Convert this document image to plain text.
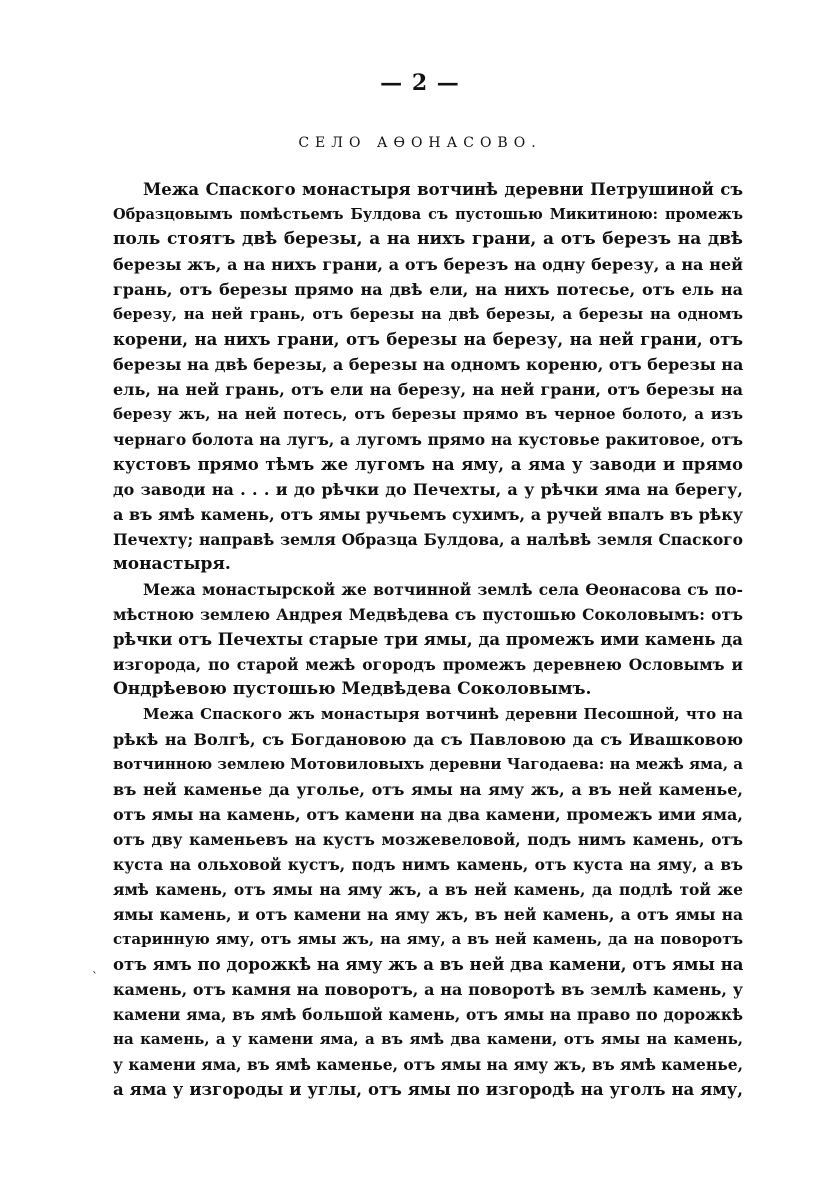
— 2 —
СЕЛО АѲОНАСОВО.
Межа Спаского монастыря вотчинѣ деревни Петрушиной съ
Образцовымъ помѣстьемъ Булдова съ пустошью Микитиною: промежъ
поль стоятъ двѣ березы, а на нихъ грани, а отъ березъ на двѣ
березы жъ, а на нихъ грани, а отъ березъ на одну березу, а на ней
грань, отъ березы прямо на двѣ ели, на нихъ потесье, отъ ель на
березу, на ней грань, отъ березы на двѣ березы, а березы на одномъ
корени, на нихъ грани, отъ березы на березу, на ней грани, отъ
березы на двѣ березы, а березы на одномъ кореню, отъ березы на
ель, на ней грань, отъ ели на березу, на ней грани, отъ березы на
березу жъ, на ней потесь, отъ березы прямо въ черное болото, а изъ
чернаго болота на лугъ, а лугомъ прямо на кустовье ракитовое, отъ
кустовъ прямо тѣмъ же лугомъ на яму, а яма у заводи и прямо
до заводи на . . . и до рѣчки до Печехты, а у рѣчки яма на берегу,
а въ ямѣ камень, отъ ямы ручьемъ сухимъ, а ручей впалъ въ рѣку
Печехту; направѣ земля Образца Булдова, а налѣвѣ земля Спаского
монастыря.
Межа монастырской же вотчинной землѣ села Ѳеонасова съ по-
мѣстною землею Андрея Медвѣдева съ пустошью Соколовымъ: отъ
рѣчки отъ Печехты старые три ямы, да промежъ ими камень да
изгорода, по старой межѣ огородъ промежъ деревнею Ословымъ и
Ондрѣевою пустошью Медвѣдева Соколовымъ.
Межа Спаского жъ монастыря вотчинѣ деревни Песошной, что на
рѣкѣ на Волгѣ, съ Богдановою да съ Павловою да съ Ивашковою
вотчинною землею Мотовиловыхъ деревни Чагодаева: на межѣ яма, а
въ ней каменье да уголье, отъ ямы на яму жъ, а въ ней каменье,
отъ ямы на камень, отъ камени на два камени, промежъ ими яма,
отъ дву каменьевъ на кустъ мозжевеловой, подъ нимъ камень, отъ
куста на ольховой кустъ, подъ нимъ камень, отъ куста на яму, а въ
ямѣ камень, отъ ямы на яму жъ, а въ ней камень, да подлѣ той же
ямы камень, и отъ камени на яму жъ, въ ней камень, а отъ ямы на
старинную яму, отъ ямы жъ, на яму, а въ ней камень, да на поворотъ
отъ ямъ по дорожкѣ на яму жъ а въ ней два камени, отъ ямы на
камень, отъ камня на поворотъ, а на поворотѣ въ землѣ камень, у
камени яма, въ ямѣ большой камень, отъ ямы на право по дорожкѣ
на камень, а у камени яма, а въ ямѣ два камени, отъ ямы на камень,
у камени яма, въ ямѣ каменье, отъ ямы на яму жъ, въ ямѣ каменье,
а яма у изгороды и углы, отъ ямы по изгородѣ на уголъ на яму,
ˋ
